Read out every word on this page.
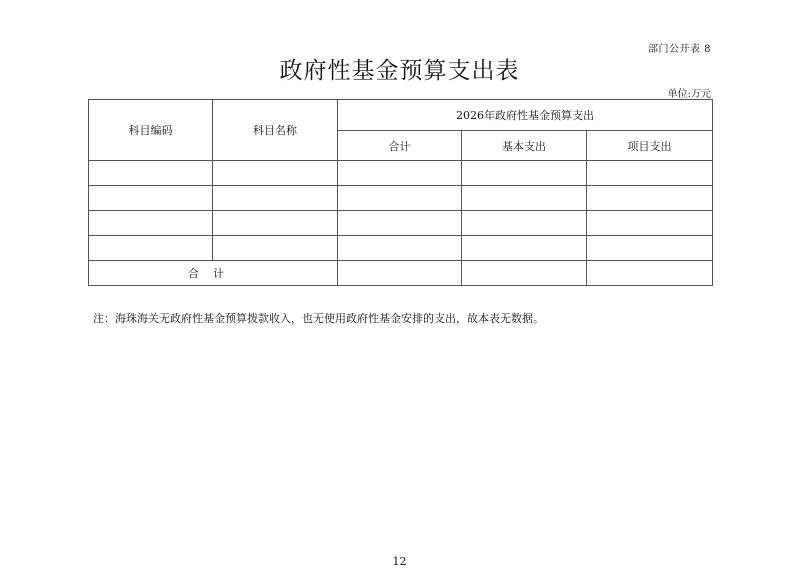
部门公开表 8
政府性基金预算支出表
单位:万元
科目编码	科目名称	2026年政府性基金预算支出		
		合计	基本支出	项目支出

合计				
注：海珠海关无政府性基金预算拨款收入，也无使用政府性基金安排的支出，故本表无数据。
12
